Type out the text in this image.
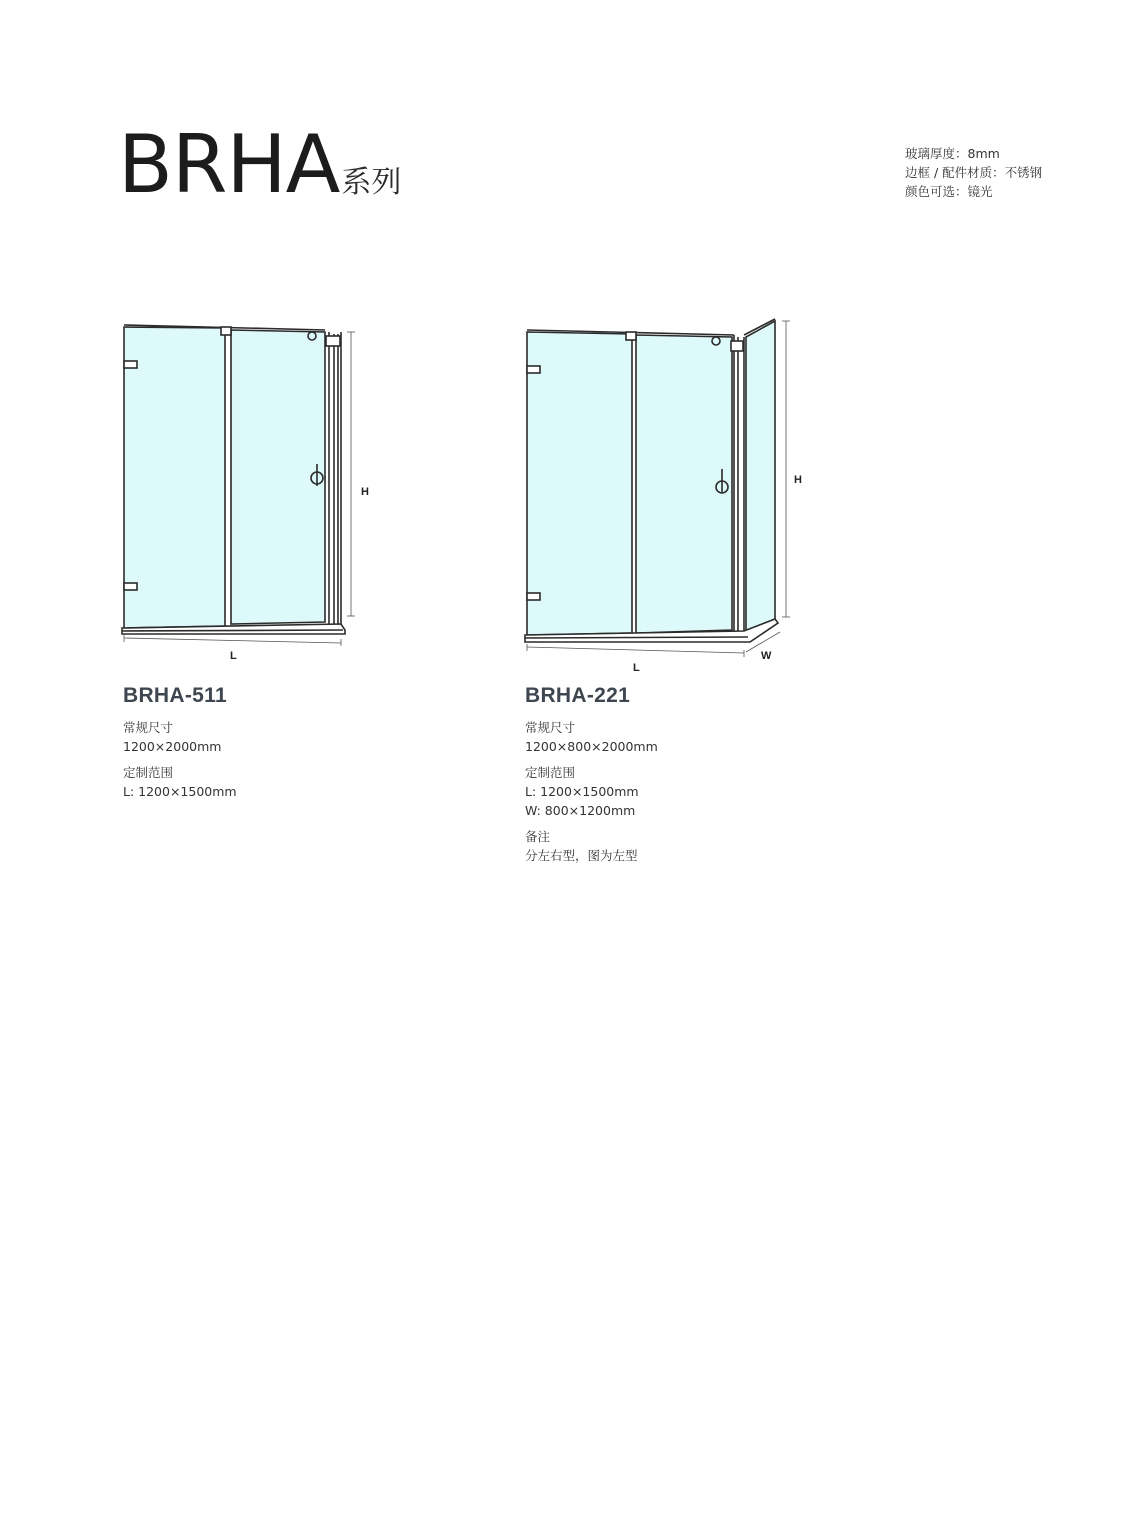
BRHA系列
玻璃厚度：8mm
边框 / 配件材质：不锈钢
颜色可选：镜光
H
L
H
L
W
BRHA-511
常规尺寸
1200×2000mm
定制范围
L: 1200×1500mm
BRHA-221
常规尺寸
1200×800×2000mm
定制范围
L: 1200×1500mm
W: 800×1200mm
备注
分左右型，图为左型
